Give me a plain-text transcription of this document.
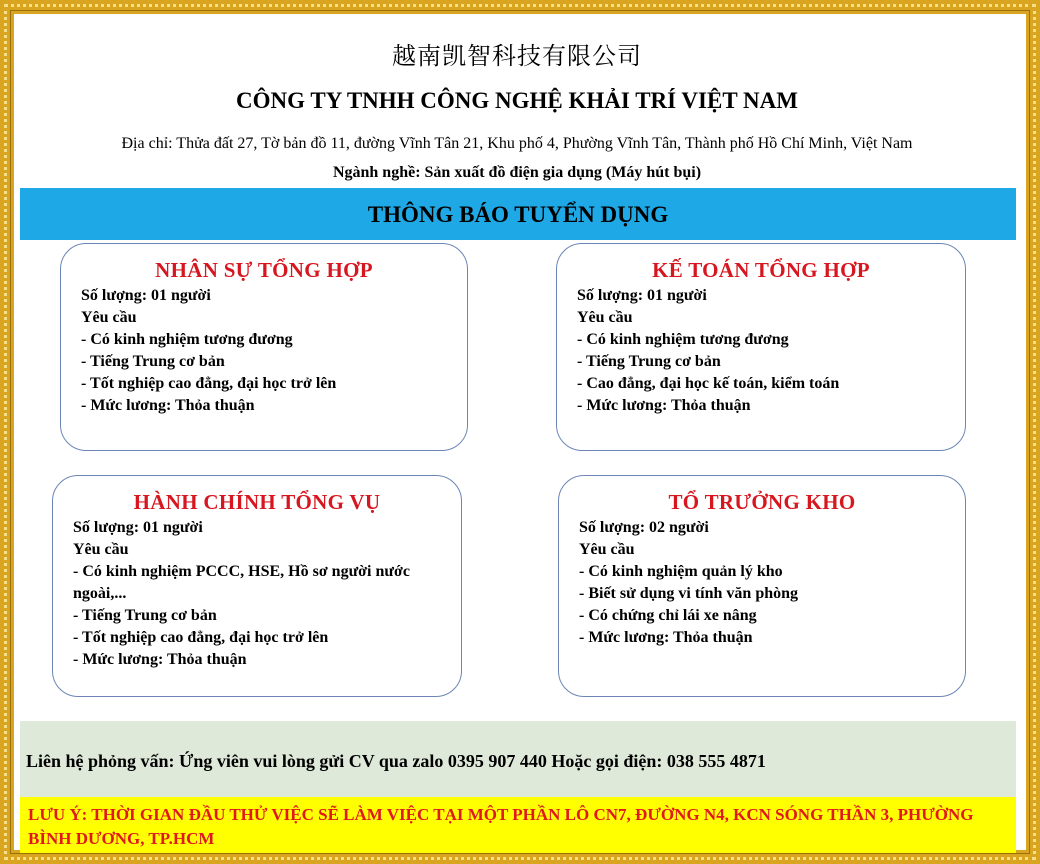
越南凯智科技有限公司
CÔNG TY TNHH CÔNG NGHỆ KHẢI TRÍ VIỆT NAM
Địa chỉ: Thửa đất 27, Tờ bản đồ 11, đường Vĩnh Tân 21, Khu phố 4, Phường Vĩnh Tân, Thành phố Hồ Chí Minh, Việt Nam
Ngành nghề: Sản xuất đồ điện gia dụng (Máy hút bụi)
THÔNG BÁO TUYỂN DỤNG
NHÂN SỰ TỔNG HỢP
Số lượng: 01 người
Yêu cầu
- Có kinh nghiệm tương đương
- Tiếng Trung cơ bản
- Tốt nghiệp cao đẳng, đại học trở lên
- Mức lương: Thỏa thuận
KẾ TOÁN TỔNG HỢP
Số lượng: 01 người
Yêu cầu
- Có kinh nghiệm tương đương
- Tiếng Trung cơ bản
- Cao đẳng, đại học kế toán, kiểm toán
- Mức lương: Thỏa thuận
HÀNH CHÍNH TỔNG VỤ
Số lượng: 01 người
Yêu cầu
- Có kinh nghiệm PCCC, HSE, Hồ sơ người nước ngoài,...
- Tiếng Trung cơ bản
- Tốt nghiệp cao đẳng, đại học trở lên
- Mức lương: Thỏa thuận
TỔ TRƯỞNG KHO
Số lượng: 02 người
Yêu cầu
- Có kinh nghiệm quản lý kho
- Biết sử dụng vi tính văn phòng
- Có chứng chỉ lái xe nâng
- Mức lương: Thỏa thuận
Liên hệ phỏng vấn: Ứng viên vui lòng gửi CV qua zalo 0395 907 440 Hoặc gọi điện: 038 555 4871
LƯU Ý: THỜI GIAN ĐẦU THỬ VIỆC SẼ LÀM VIỆC TẠI MỘT PHẦN LÔ CN7, ĐƯỜNG N4, KCN SÓNG THẦN 3, PHƯỜNG BÌNH DƯƠNG, TP.HCM
